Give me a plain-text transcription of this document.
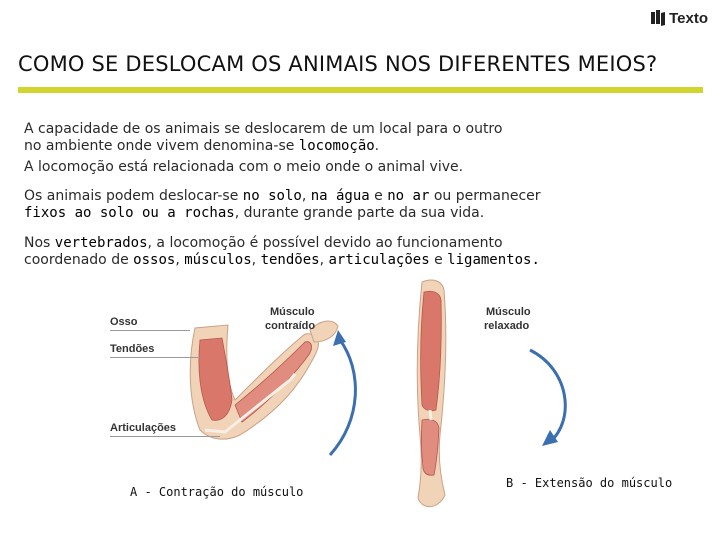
Texto
COMO SE DESLOCAM OS ANIMAIS NOS DIFERENTES MEIOS?
A capacidade de os animais se deslocarem de um local para o outro
no ambiente onde vivem denomina-se locomoção.
A locomoção está relacionada com o meio onde o animal vive.
Os animais podem deslocar-se no solo, na água e no ar ou permanecer
fixos ao solo ou a rochas, durante grande parte da sua vida.
Nos vertebrados, a locomoção é possível devido ao funcionamento
coordenado de ossos, músculos, tendões, articulações e ligamentos.
Osso
Tendões
Articulações
Músculo
contraído
Músculo
relaxado
A - Contração do músculo
B - Extensão do músculo
